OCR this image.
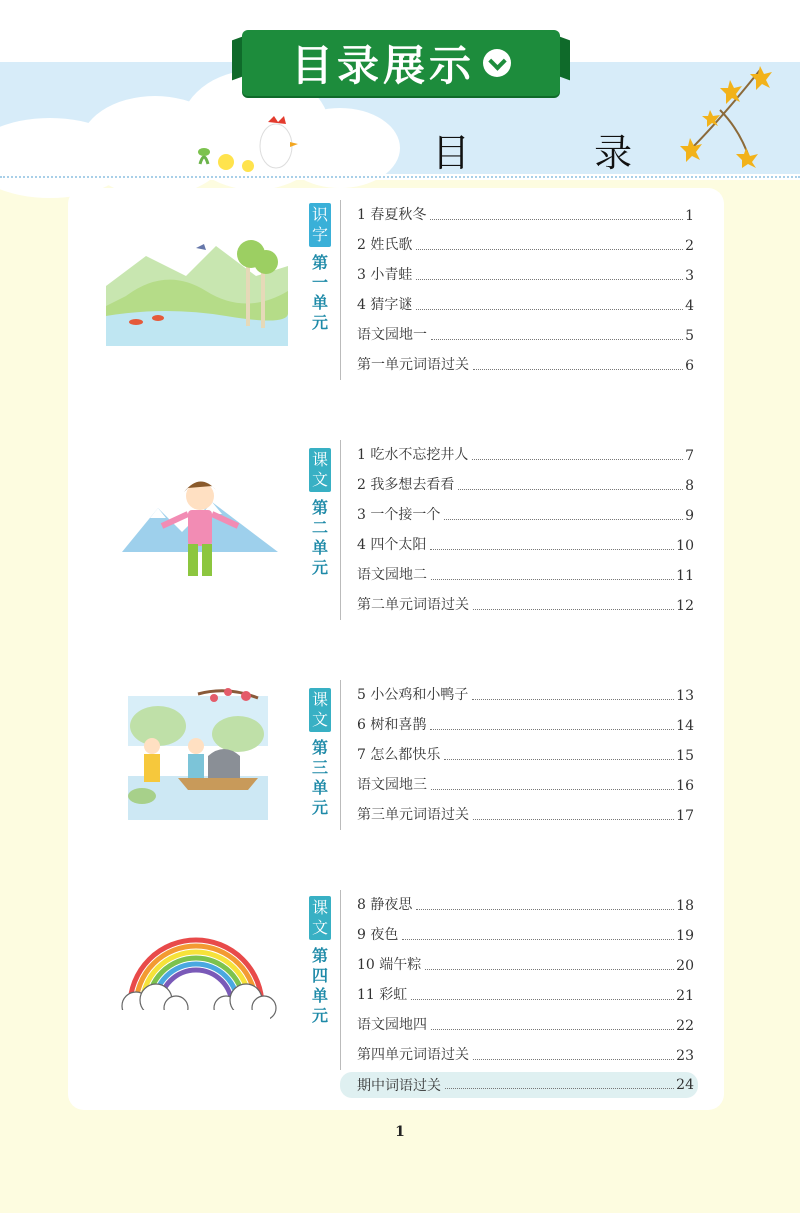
目录展示
目 录
识字
第一单元
课文
第二单元
课文
第三单元
课文
第四单元
1 春夏秋冬	1
2 姓氏歌	2
3 小青蛙	3
4 猜字谜	4
语文园地一	5
第一单元词语过关	6
1 吃水不忘挖井人	7
2 我多想去看看	8
3 一个接一个	9
4 四个太阳	10
语文园地二	11
第二单元词语过关	12
5 小公鸡和小鸭子	13
6 树和喜鹊	14
7 怎么都快乐	15
语文园地三	16
第三单元词语过关	17
8 静夜思	18
9 夜色	19
10 端午粽	20
11 彩虹	21
语文园地四	22
第四单元词语过关	23
期中词语过关	24
1
